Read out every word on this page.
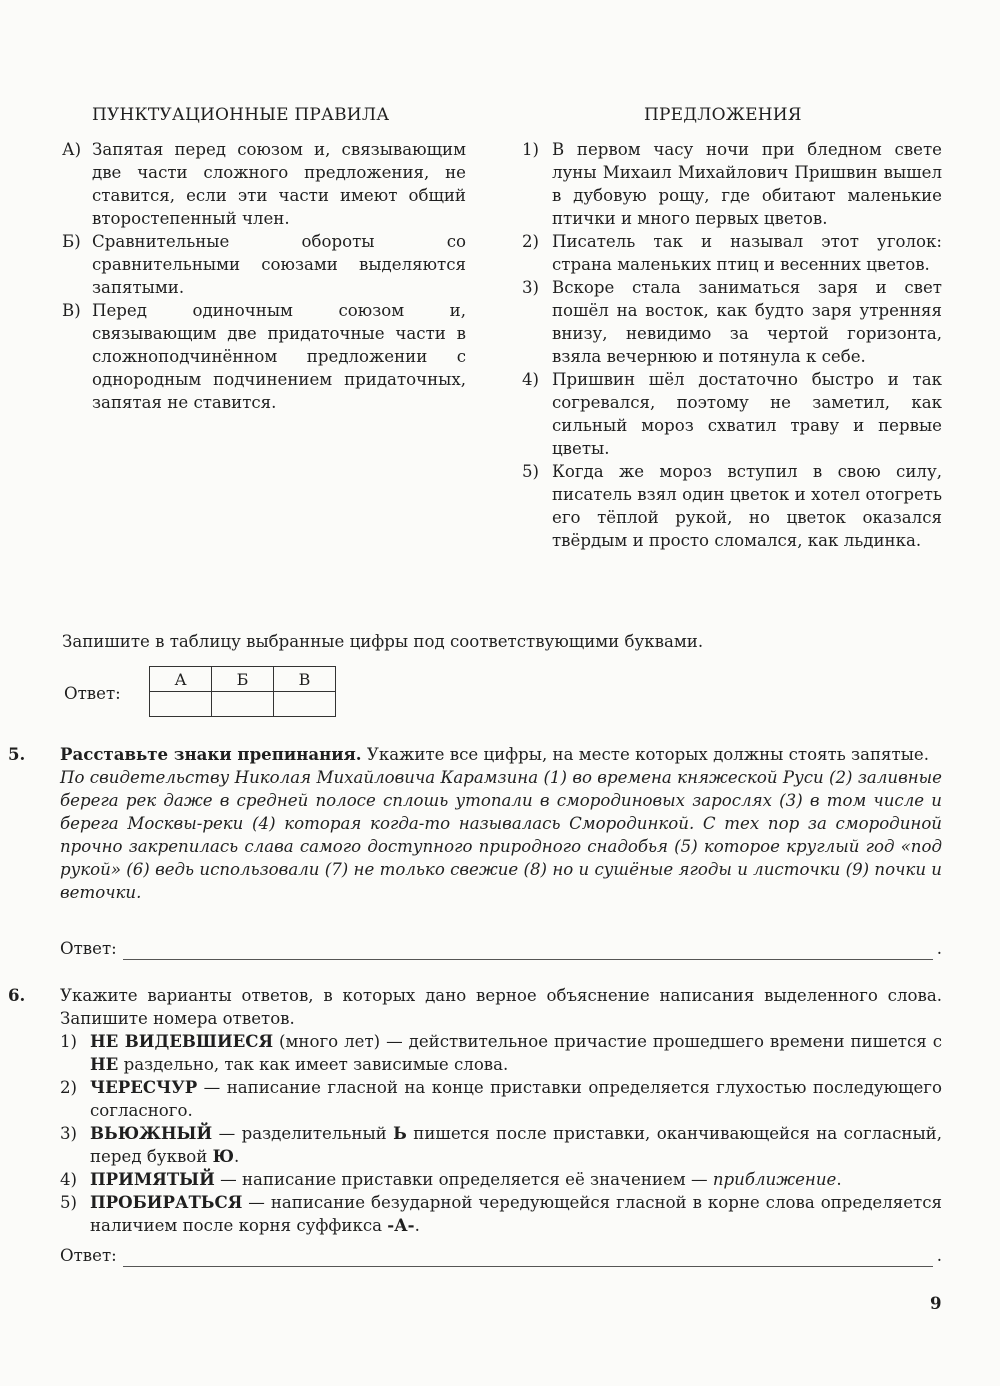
ПУНКТУАЦИОННЫЕ ПРАВИЛА	ПРЕДЛОЖЕНИЯ
А) Запятая перед союзом и, связывающим две части сложного предложения, не ставится, если эти части имеют общий второстепенный член.
Б) Сравнительные обороты со сравнительными союзами выделяются запятыми.
В) Перед одиночным союзом и, связывающим две придаточные части в сложноподчинённом предложении с однородным подчинением придаточных, запятая не ставится.
1) В первом часу ночи при бледном свете луны Михаил Михайлович Пришвин вышел в дубовую рощу, где обитают маленькие птички и много первых цветов.
2) Писатель так и называл этот уголок: страна маленьких птиц и весенних цветов.
3) Вскоре стала заниматься заря и свет пошёл на восток, как будто заря утренняя внизу, невидимо за чертой горизонта, взяла вечернюю и потянула к себе.
4) Пришвин шёл достаточно быстро и так согревался, поэтому не заметил, как сильный мороз схватил траву и первые цветы.
5) Когда же мороз вступил в свою силу, писатель взял один цветок и хотел отогреть его тёплой рукой, но цветок оказался твёрдым и просто сломался, как льдинка.
Запишите в таблицу выбранные цифры под соответствующими буквами.
Ответ:
А	Б	В

5. Расставьте знаки препинания. Укажите все цифры, на месте которых должны стоять запятые.
По свидетельству Николая Михайловича Карамзина (1) во времена княжеской Руси (2) заливные берега рек даже в средней полосе сплошь утопали в смородиновых зарослях (3) в том числе и берега Москвы-реки (4) которая когда-то называлась Смородинкой. С тех пор за смородиной прочно закрепилась слава самого доступного природного снадобья (5) которое круглый год «под рукой» (6) ведь использовали (7) не только свежие (8) но и сушёные ягоды и листочки (9) почки и веточки.
Ответ:	.
6. Укажите варианты ответов, в которых дано верное объяснение написания выделенного слова. Запишите номера ответов.
1) НЕ ВИДЕВШИЕСЯ (много лет) — действительное причастие прошедшего времени пишется с НЕ раздельно, так как имеет зависимые слова.
2) ЧЕРЕСЧУР — написание гласной на конце приставки определяется глухостью последующего согласного.
3) ВЬЮЖНЫЙ — разделительный Ь пишется после приставки, оканчивающейся на согласный, перед буквой Ю.
4) ПРИМЯТЫЙ — написание приставки определяется её значением — приближение.
5) ПРОБИРАТЬСЯ — написание безударной чередующейся гласной в корне слова определяется наличием после корня суффикса -А-.
Ответ:	.
9
